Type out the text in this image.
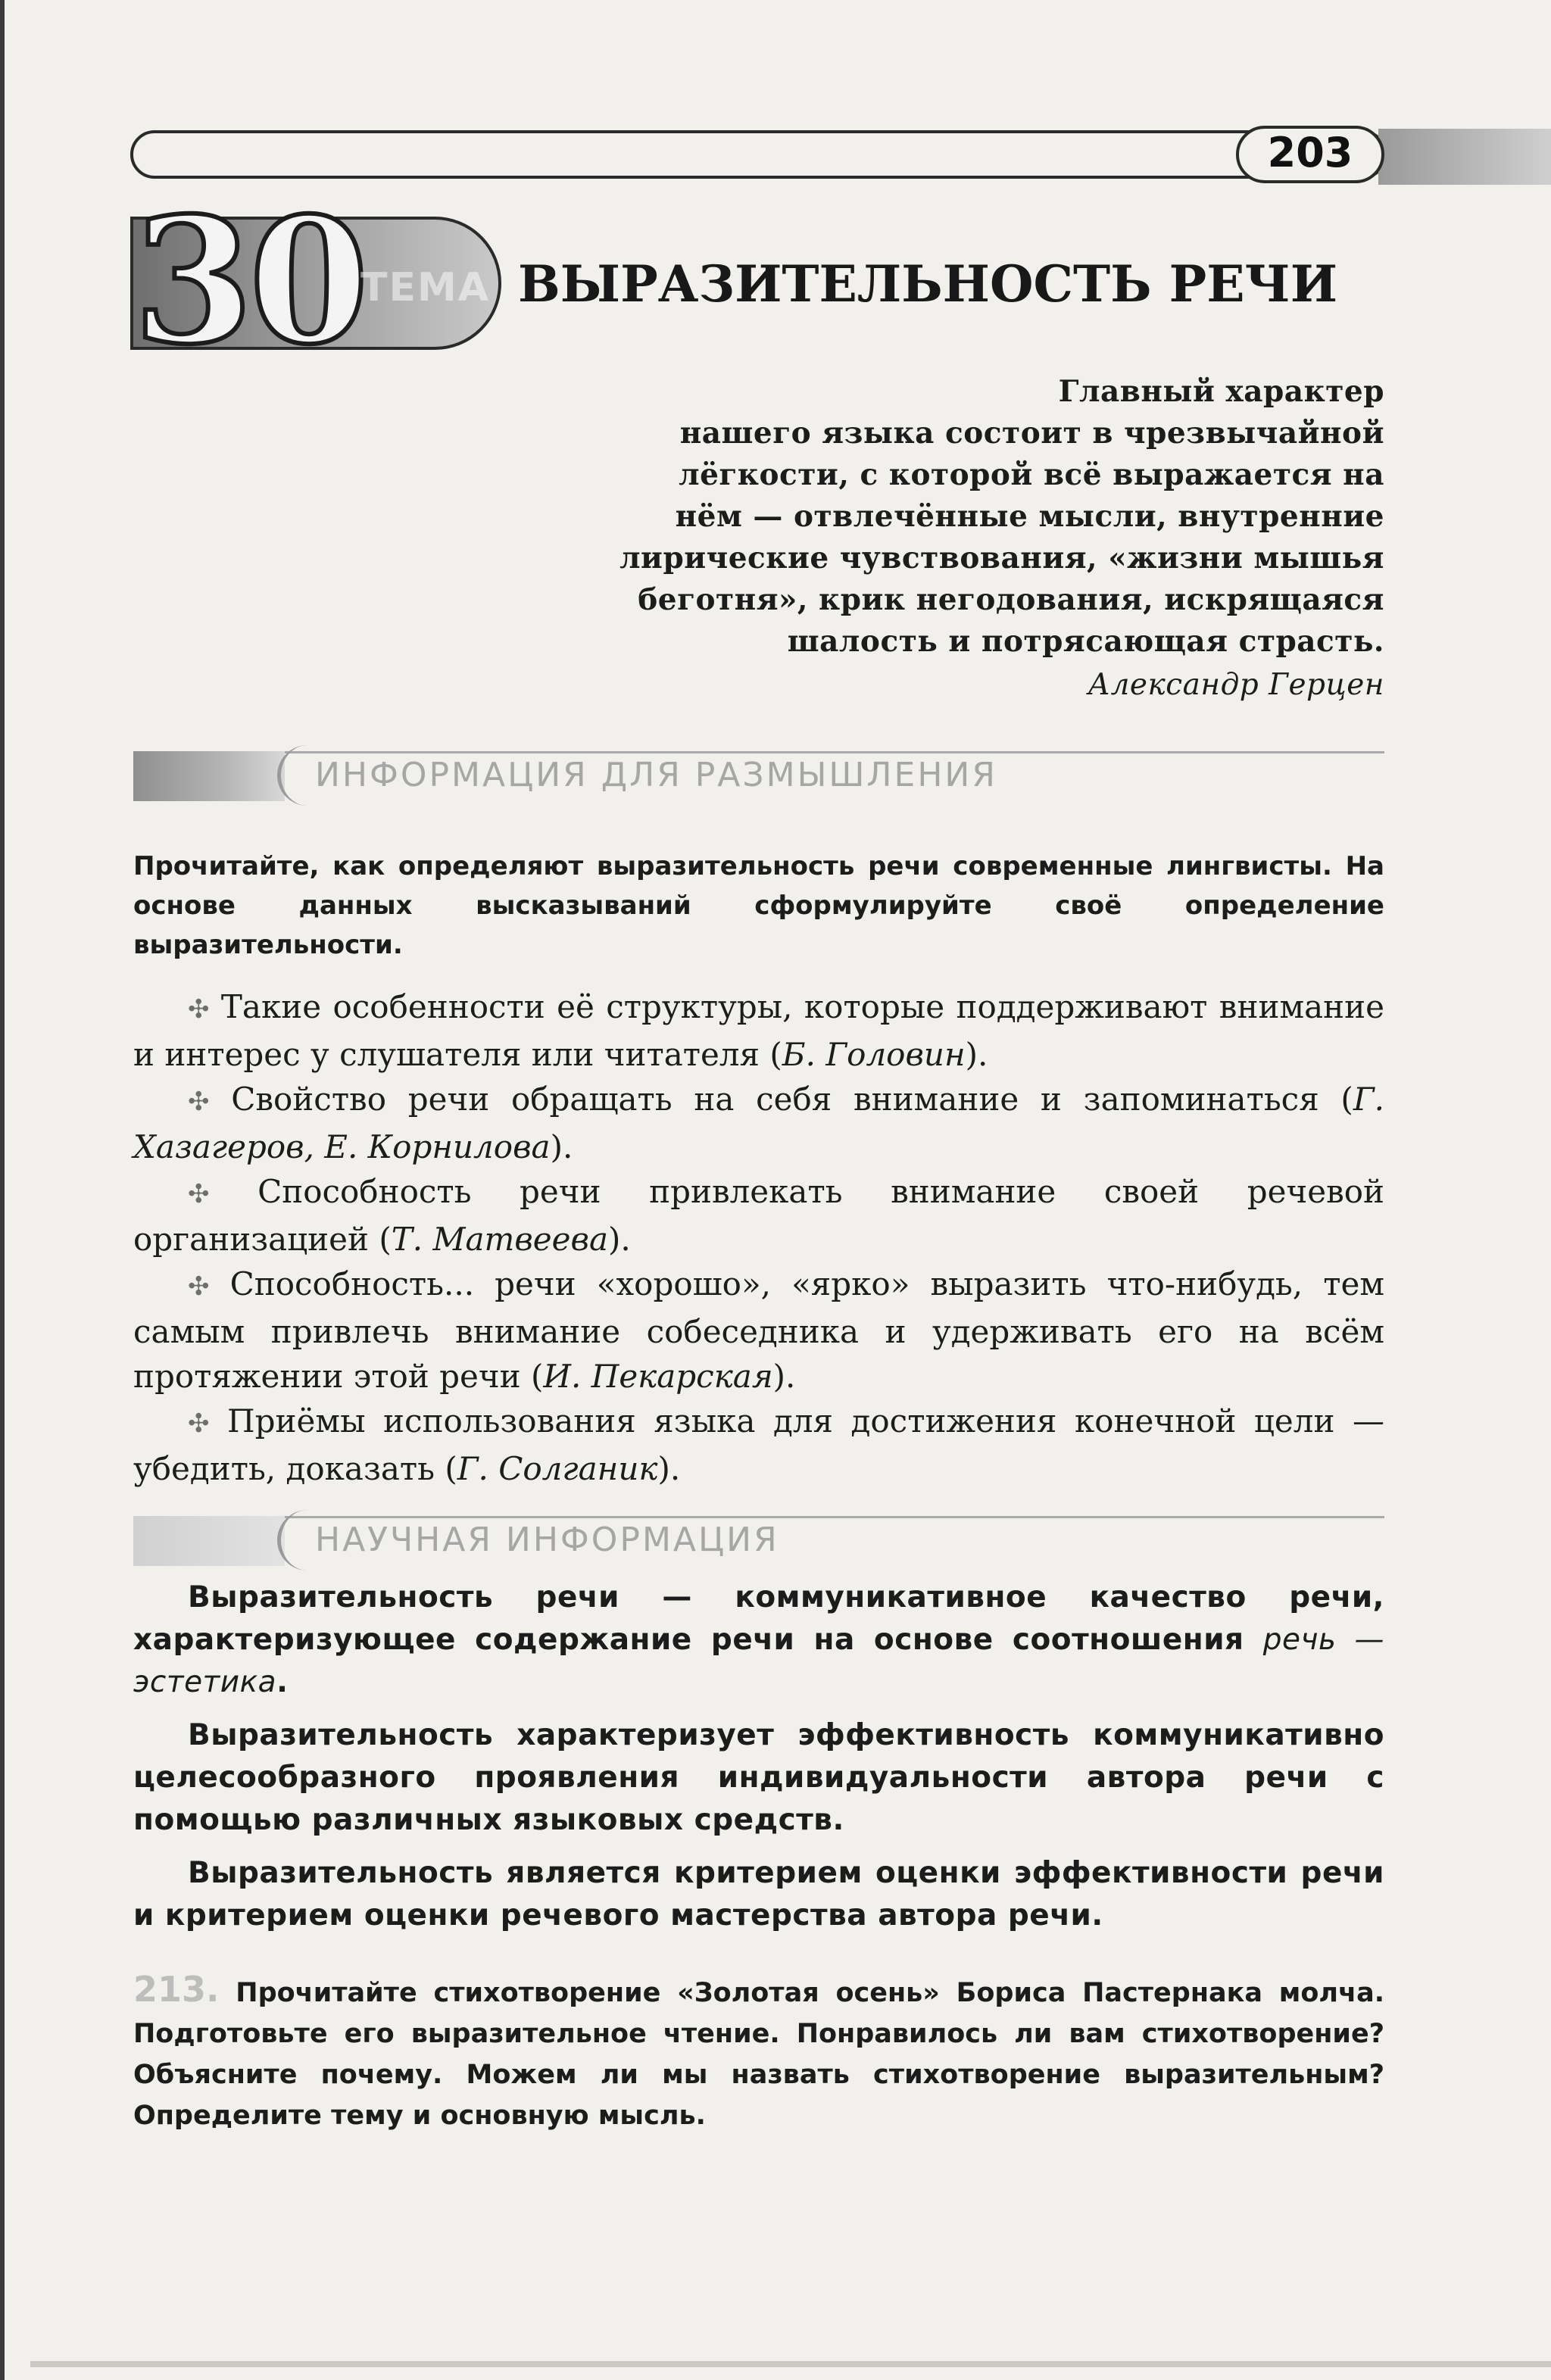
203
30
ТЕМА ВЫРАЗИТЕЛЬНОСТЬ РЕЧИ
Главный характер
нашего языка состоит в чрезвычайной
лёгкости, с которой всё выражается на
нём — отвлечённые мысли, внутренние
лирические чувствования, «жизни мышья
беготня», крик негодования, искрящаяся
шалость и потрясающая страсть.
Александр Герцен
ИНФОРМАЦИЯ ДЛЯ РАЗМЫШЛЕНИЯ
Прочитайте, как определяют выразительность речи современные лингвисты. На основе данных высказываний сформулируйте своё определение выразительности.

✣ Такие особенности её структуры, которые поддерживают внимание и интерес у слушателя или читателя (Б. Головин).

✣ Свойство речи обращать на себя внимание и запоминаться (Г. Хазагеров, Е. Корнилова).

✣ Способность речи привлекать внимание своей речевой организацией (Т. Матвеева).

✣ Способность... речи «хорошо», «ярко» выразить что-нибудь, тем самым привлечь внимание собеседника и удерживать его на всём протяжении этой речи (И. Пекарская).

✣ Приёмы использования языка для достижения конечной цели — убедить, доказать (Г. Солганик).

НАУЧНАЯ ИНФОРМАЦИЯ

Выразительность речи — коммуникативное качество речи, характеризующее содержание речи на основе соотношения речь — эстетика.

Выразительность характеризует эффективность коммуникативно целесообразного проявления индивидуальности автора речи с помощью различных языковых средств.

Выразительность является критерием оценки эффективности речи и критерием оценки речевого мастерства автора речи.

213. Прочитайте стихотворение «Золотая осень» Бориса Пастернака молча. Подготовьте его выразительное чтение. Понравилось ли вам стихотворение? Объясните почему. Можем ли мы назвать стихотворение выразительным? Определите тему и основную мысль.
